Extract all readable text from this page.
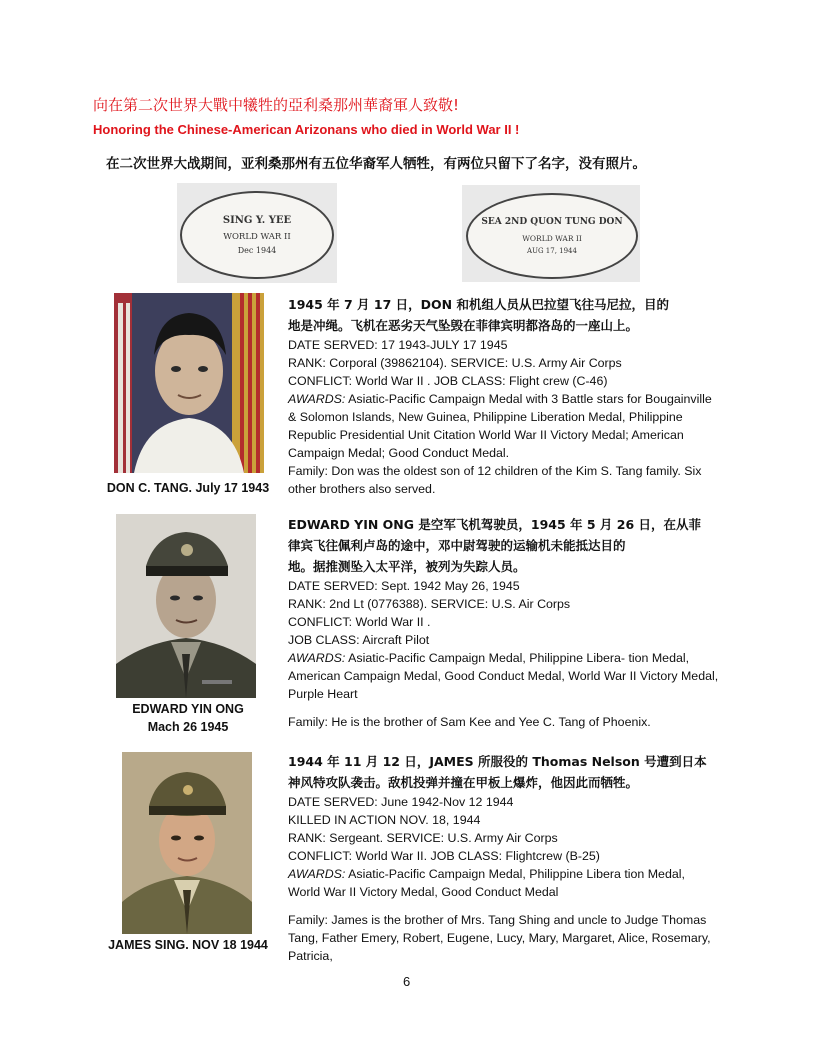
向在第二次世界大戰中犧牲的亞利桑那州華裔軍人致敬!
Honoring the Chinese-American Arizonans who died in World War II !
在二次世界大战期间，亚利桑那州有五位华裔军人牺牲，有两位只留下了名字，没有照片。
SING Y. YEE
WORLD WAR II
Dec 1944
SEA 2ND QUON TUNG DON
WORLD WAR II
AUG 17, 1944
DON C. TANG. July 17 1943
1945 年 7 月 17 日，DON 和机组人员从巴拉望飞往马尼拉，目的
地是冲绳。飞机在恶劣天气坠毁在菲律宾明都洛岛的一座山上。
DATE SERVED: 17 1943-JULY 17 1945
RANK: Corporal (39862104). SERVICE: U.S. Army Air Corps
CONFLICT: World War II . JOB CLASS: Flight crew (C-46)
AWARDS: Asiatic-Pacific Campaign Medal with 3 Battle stars for Bougainville & Solomon Islands, New Guinea, Philippine Liberation Medal, Philippine Republic Presidential Unit Citation World War II Victory Medal; American Campaign Medal; Good Conduct Medal.
Family: Don was the oldest son of 12 children of the Kim S. Tang family. Six other brothers also served.
EDWARD YIN ONG
Mach 26 1945
EDWARD YIN ONG 是空军飞机驾驶员，1945 年 5 月 26 日，在从菲
律宾飞往佩利卢岛的途中，邓中尉驾驶的运输机未能抵达目的
地。据推测坠入太平洋，被列为失踪人员。
DATE SERVED: Sept. 1942 May 26, 1945
RANK: 2nd Lt (0776388). SERVICE: U.S. Air Corps
CONFLICT: World War II .
JOB CLASS: Aircraft Pilot
AWARDS: Asiatic-Pacific Campaign Medal, Philippine Libera- tion Medal, American Campaign Medal, Good Conduct Medal, World War II Victory Medal, Purple Heart
Family: He is the brother of Sam Kee and Yee C. Tang of Phoenix.
JAMES SING. NOV 18 1944
1944 年 11 月 12 日，JAMES 所服役的 Thomas Nelson 号遭到日本
神风特攻队袭击。敌机投弹并撞在甲板上爆炸，他因此而牺牲。
DATE SERVED: June 1942-Nov 12 1944
KILLED IN ACTION NOV. 18, 1944
RANK: Sergeant. SERVICE: U.S. Army Air Corps
CONFLICT: World War II. JOB CLASS: Flightcrew (B-25)
AWARDS: Asiatic-Pacific Campaign Medal, Philippine Libera tion Medal, World War II Victory Medal, Good Conduct Medal
Family: James is the brother of Mrs. Tang Shing and uncle to Judge Thomas Tang, Father Emery, Robert, Eugene, Lucy, Mary, Margaret, Alice, Rosemary, Patricia,
6
